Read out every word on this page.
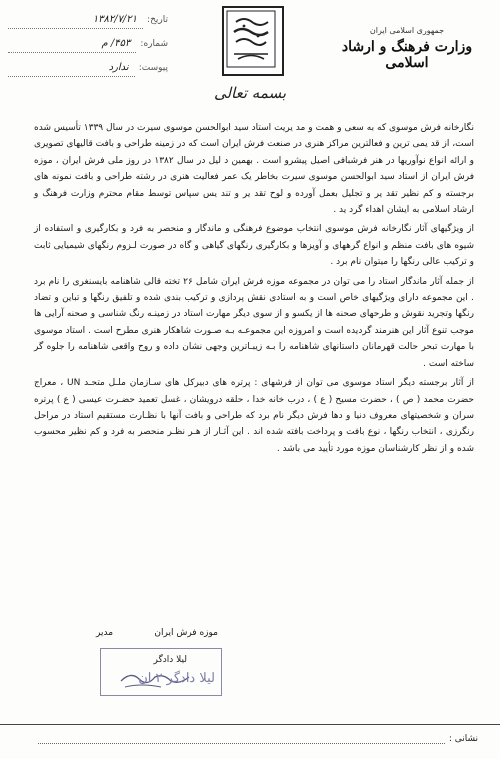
تاریخ:
۱۳۸۲/۷/۲۱
شماره:
۴۵۳/ م
پیوست:
ندارد
جمهوری اسلامی ایران
وزارت فرهنگ و ارشاد اسلامی
بسمه تعالی

نگارخانه فرش موسوی که به سعی و همت و مد یریت استاد سید ابوالحسن موسوی سیرت در سال ۱۳۳۹ تأسیس شده است، از قد یمی ترین و فعالترین مراکز هنری در صنعت فرش ایران است که در زمینه طراحی و بافت قالیهای تصویری و ارائه انواع نوآوریها در هنر فرشبافی اصیل پیشرو است . بهمین د لیل در سال ۱۳۸۲ در روز ملی فرش ایران ، موزه فرش ایران از استاد سید ابوالحسن موسوی سیرت بخاطر یک عمر فعالیت هنری در رشته طراحی و بافت نمونه های برجسته و کم نظیر تقد یر و تجلیل بعمل آورده و لوح تقد یر و تند یس سپاس توسط مقام محترم وزارت فرهنگ و ارشاد اسلامی به ایشان اهداء گرد ید .

از ویژگیهای آثار نگارخانه فرش موسوی انتخاب موضوع فرهنگی و ماندگار و منحصر به فرد و بکارگیری و استفاده از شیوه های بافت منظم و انواع گرههای و آویزها و بکارگیری رنگهای گیاهی و گاه در صورت لـزوم رنگهای شیمیایی ثابت و ترکیب عالی رنگها را میتوان نام برد .

از جمله آثار ماندگار استاد را می توان در مجموعه موزه فرش ایران شامل ۲۶ تخته قالی شاهنامه بایسنغری را نام برد . این مجموعه دارای ویژگیهای خاص است و به استادی نقش پردازی و ترکیب بندی شده و تلفیق رنگها و تباین و تضاد رنگها وتجرید نقوش و طرحهای صحنه ها از یکسو و از سوی دیگر مهارت استاد در زمینـه رنگ شناسی و صحنه آرایی ها موجب تنوع آثار این هنرمند گردیده است و امروزه این مجموعـه بـه صـورت شاهکار هنری مطرح است . استاد موسوی با مهارت تبحر حالت قهرمانان داستانهای شاهنامه را بـه زیبـاترین وجهی نشان داده و روح واقعی شاهنامه را جلوه گر ساخته است .

از آثار برجسته دیگر استاد موسوی می توان از فرشهای : پرتره های دبیرکل های سـازمان ملـل متحـد UN ، معراج حضرت محمد ( ص ) ، حضرت مسیح ( ع ) ، درب خانه خدا ، حلقه درویشان ، غسل تعمید حضـرت عیسی ( ع ) پرتره سران و شخصیتهای معروف دنیا و دها فرش دیگر نام برد که طراحی و بافت آنها با نظـارت مستقیم استاد در مراحل رنگرزی ، انتخاب رنگها ، نوع بافت و پرداخت بافته شده اند . این آثـار از هـر نظـر منحصر به فرد و کم نظیر محسوب شده و از نظر کارشناسان موزه مورد تأیید می باشد .

موزه فرش ایران
مدیر
لیلا دادگر
لیلا دادگر ۲ ان
نشانی :
